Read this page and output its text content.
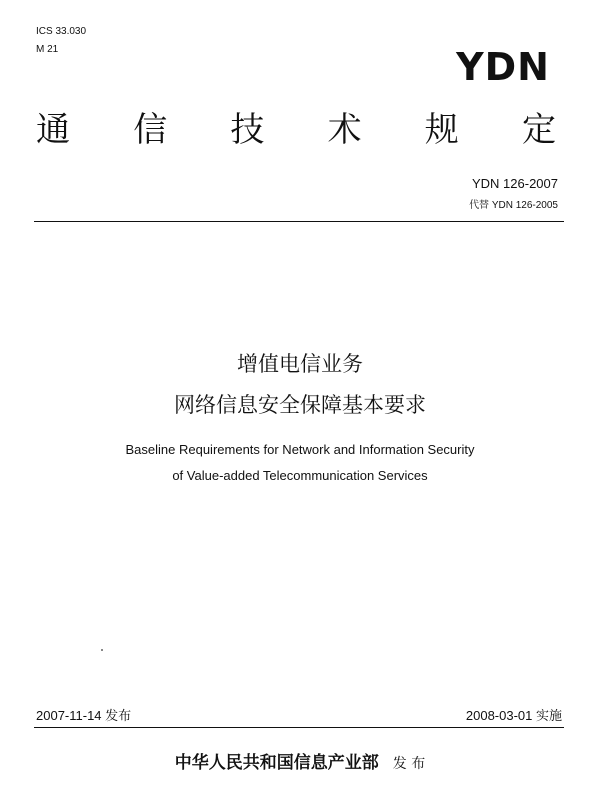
ICS 33.030
M 21	YDN
通 信 技 术 规 定
YDN 126-2007
代替 YDN 126-2005
增值电信业务
网络信息安全保障基本要求
Baseline Requirements for Network and Information Security
of Value-added Telecommunication Services
2007-11-14 发布	2008-03-01 实施
中华人民共和国信息产业部 发 布
